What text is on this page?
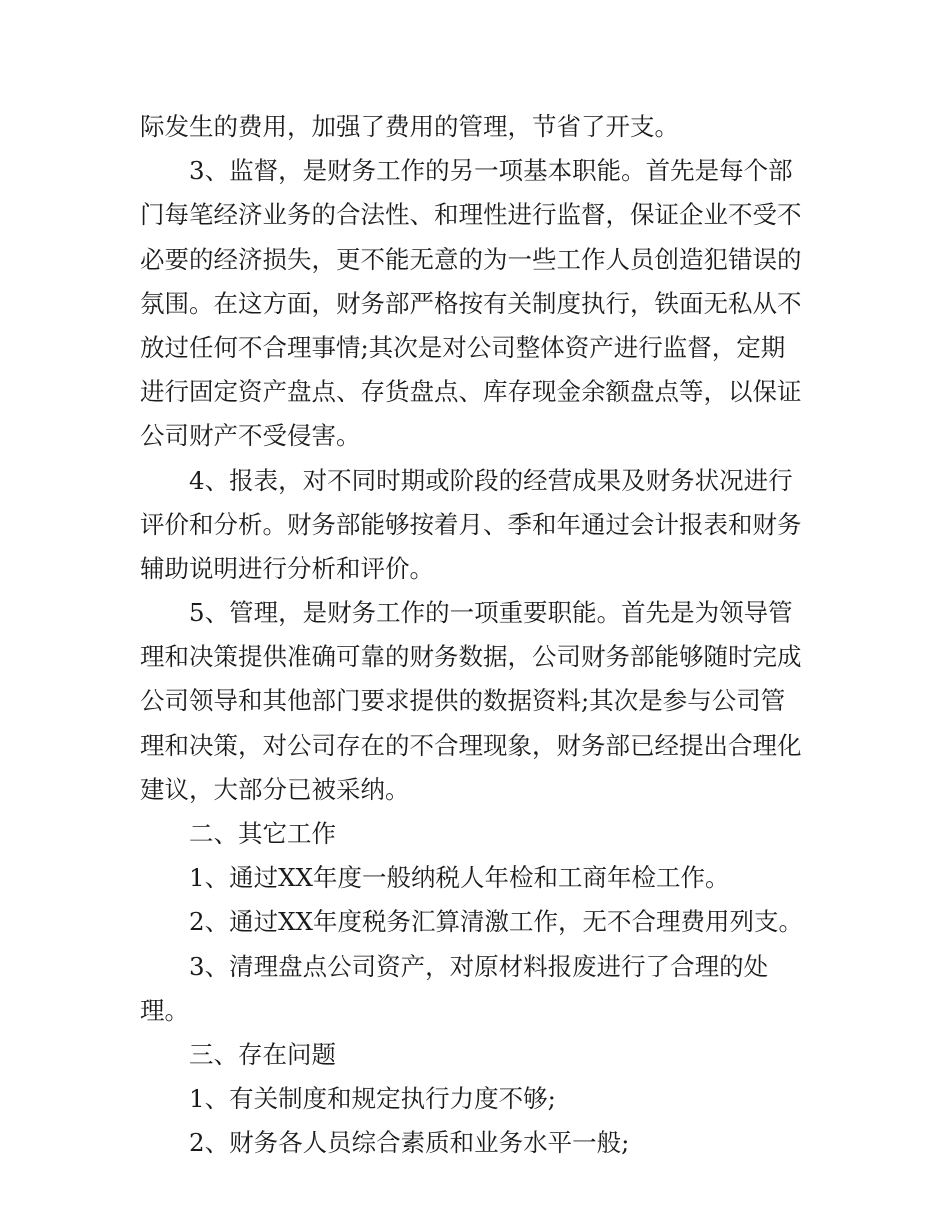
际发生的费用，加强了费用的管理，节省了开支。
3、监督，是财务工作的另一项基本职能。首先是每个部
门每笔经济业务的合法性、和理性进行监督，保证企业不受不
必要的经济损失，更不能无意的为一些工作人员创造犯错误的
氛围。在这方面，财务部严格按有关制度执行，铁面无私从不
放过任何不合理事情;其次是对公司整体资产进行监督，定期
进行固定资产盘点、存货盘点、库存现金余额盘点等，以保证
公司财产不受侵害。
4、报表，对不同时期或阶段的经营成果及财务状况进行
评价和分析。财务部能够按着月、季和年通过会计报表和财务
辅助说明进行分析和评价。
5、管理，是财务工作的一项重要职能。首先是为领导管
理和决策提供准确可靠的财务数据，公司财务部能够随时完成
公司领导和其他部门要求提供的数据资料;其次是参与公司管
理和决策，对公司存在的不合理现象，财务部已经提出合理化
建议，大部分已被采纳。
二、其它工作
1、通过XX年度一般纳税人年检和工商年检工作。
2、通过XX年度税务汇算清激工作，无不合理费用列支。
3、清理盘点公司资产，对原材料报废进行了合理的处
理。
三、存在问题
1、有关制度和规定执行力度不够;
2、财务各人员综合素质和业务水平一般;
